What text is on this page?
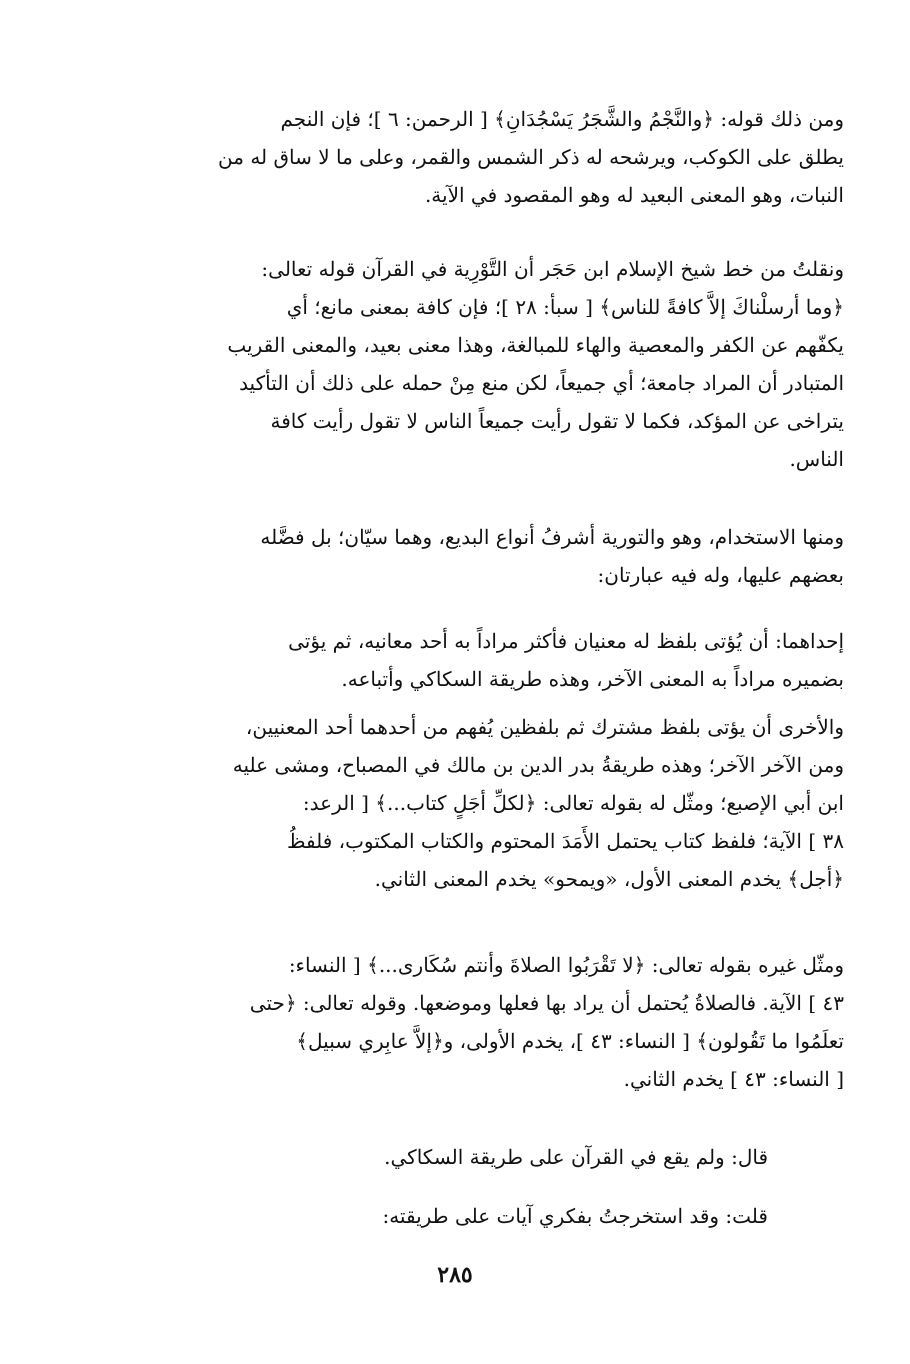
ومن ذلك قوله: ﴿والنَّجْمُ والشَّجَرُ يَسْجُدَانِ﴾ [ الرحمن: ٦ ]؛ فإن النجم
يطلق على الكوكب، ويرشحه له ذكر الشمس والقمر، وعلى ما لا ساق له من
النبات، وهو المعنى البعيد له وهو المقصود في الآية.

ونقلتُ من خط شيخ الإسلام ابن حَجَر أن التَّوْرِية في القرآن قوله تعالى:
﴿وما أرسلْناكَ إلاَّ كافةً للناس﴾ [ سبأ: ٢٨ ]؛ فإن كافة بمعنى مانع؛ أي
يكفّهم عن الكفر والمعصية والهاء للمبالغة، وهذا معنى بعيد، والمعنى القريب
المتبادر أن المراد جامعة؛ أي جميعاً، لكن منع مِنْ حمله على ذلك أن التأكيد
يتراخى عن المؤكد، فكما لا تقول رأيت جميعاً الناس لا تقول رأيت كافة
الناس.

ومنها الاستخدام، وهو والتورية أشرفُ أنواع البديع، وهما سيّان؛ بل فضَّله
بعضهم عليها، وله فيه عبارتان:

إحداهما: أن يُؤتى بلفظ له معنيان فأكثر مراداً به أحد معانيه، ثم يؤتى
بضميره مراداً به المعنى الآخر، وهذه طريقة السكاكي وأتباعه.

والأخرى أن يؤتى بلفظ مشترك ثم بلفظين يُفهم من أحدهما أحد المعنيين،
ومن الآخر الآخر؛ وهذه طريقةُ بدر الدين بن مالك في المصباح، ومشى عليه
ابن أبي الإصبع؛ ومثّل له بقوله تعالى: ﴿لكلِّ أجَلٍ كتاب...﴾ [ الرعد:
٣٨ ] الآية؛ فلفظ كتاب يحتمل الأَمَدَ المحتوم والكتاب المكتوب، فلفظُ
﴿أجل﴾ يخدم المعنى الأول، «ويمحو» يخدم المعنى الثاني.

ومثّل غيره بقوله تعالى: ﴿لا تَقْرَبُوا الصلاةَ وأنتم سُكَارى...﴾ [ النساء:
٤٣ ] الآية. فالصلاةُ يُحتمل أن يراد بها فعلها وموضعها. وقوله تعالى: ﴿حتى
تعلَمُوا ما تَقُولون﴾ [ النساء: ٤٣ ]، يخدم الأولى، و﴿إلاَّ عابِري سبيل﴾
[ النساء: ٤٣ ] يخدم الثاني.

قال: ولم يقع في القرآن على طريقة السكاكي.

قلت: وقد استخرجتُ بفكري آيات على طريقته:

٢٨٥
